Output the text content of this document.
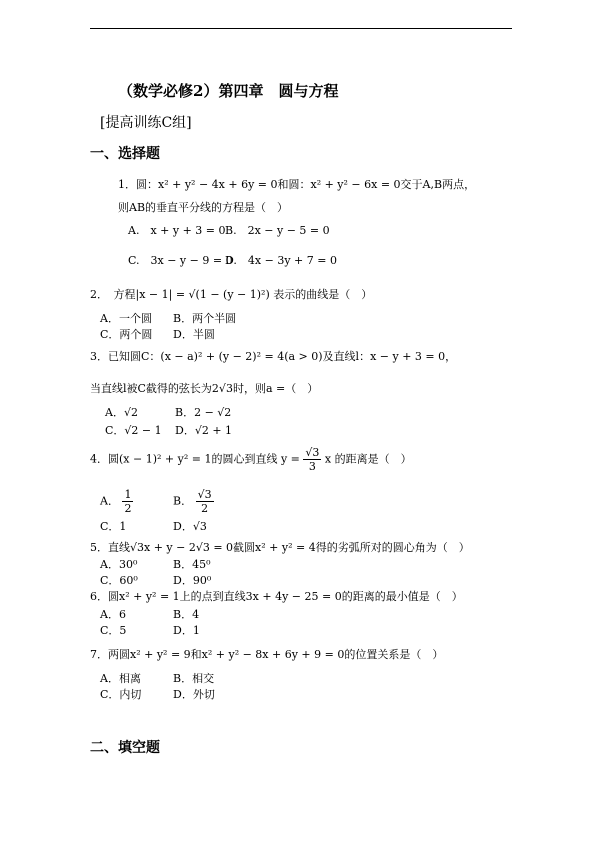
（数学必修2）第四章　圆与方程
[提高训练C组]
一、选择题
1．圆：x² + y² − 4x + 6y = 0和圆：x² + y² − 6x = 0交于A,B两点，
则AB的垂直平分线的方程是（　）
A.　x + y + 3 = 0 B.　2x − y − 5 = 0
C.　3x − y − 9 = 0
D.　4x − 3y + 7 = 0
2．　方程|x − 1| = √(1 − (y − 1)²) 表示的曲线是（　）
A．一个圆 B．两个半圆
C．两个圆 D．半圆
3．已知圆C：(x − a)² + (y − 2)² = 4(a > 0)及直线l：x − y + 3 = 0，
当直线l被C截得的弦长为2√3时，则a =（　）
A．√2	B．2 − √2
C．√2 − 1 D．√2 + 1
4．圆(x − 1)² + y² = 1的圆心到直线 $y = \frac{√3}{3}$ x 的距离是（　）
A． $\frac{1}{2}$	B． $\frac{√3}{2}$
C．1	D．√3
5．直线√3x + y − 2√3 = 0截圆x² + y² = 4得的劣弧所对的圆心角为（　）
A．30⁰	B．45⁰
C．60⁰	D．90⁰
6．圆x² + y² = 1上的点到直线3x + 4y − 25 = 0的距离的最小值是（　）
A．6	B．4
C．5	D．1
7．两圆x² + y² = 9和x² + y² − 8x + 6y + 9 = 0的位置关系是（　）
A．相离	B．相交
C．内切	D．外切
二、填空题
